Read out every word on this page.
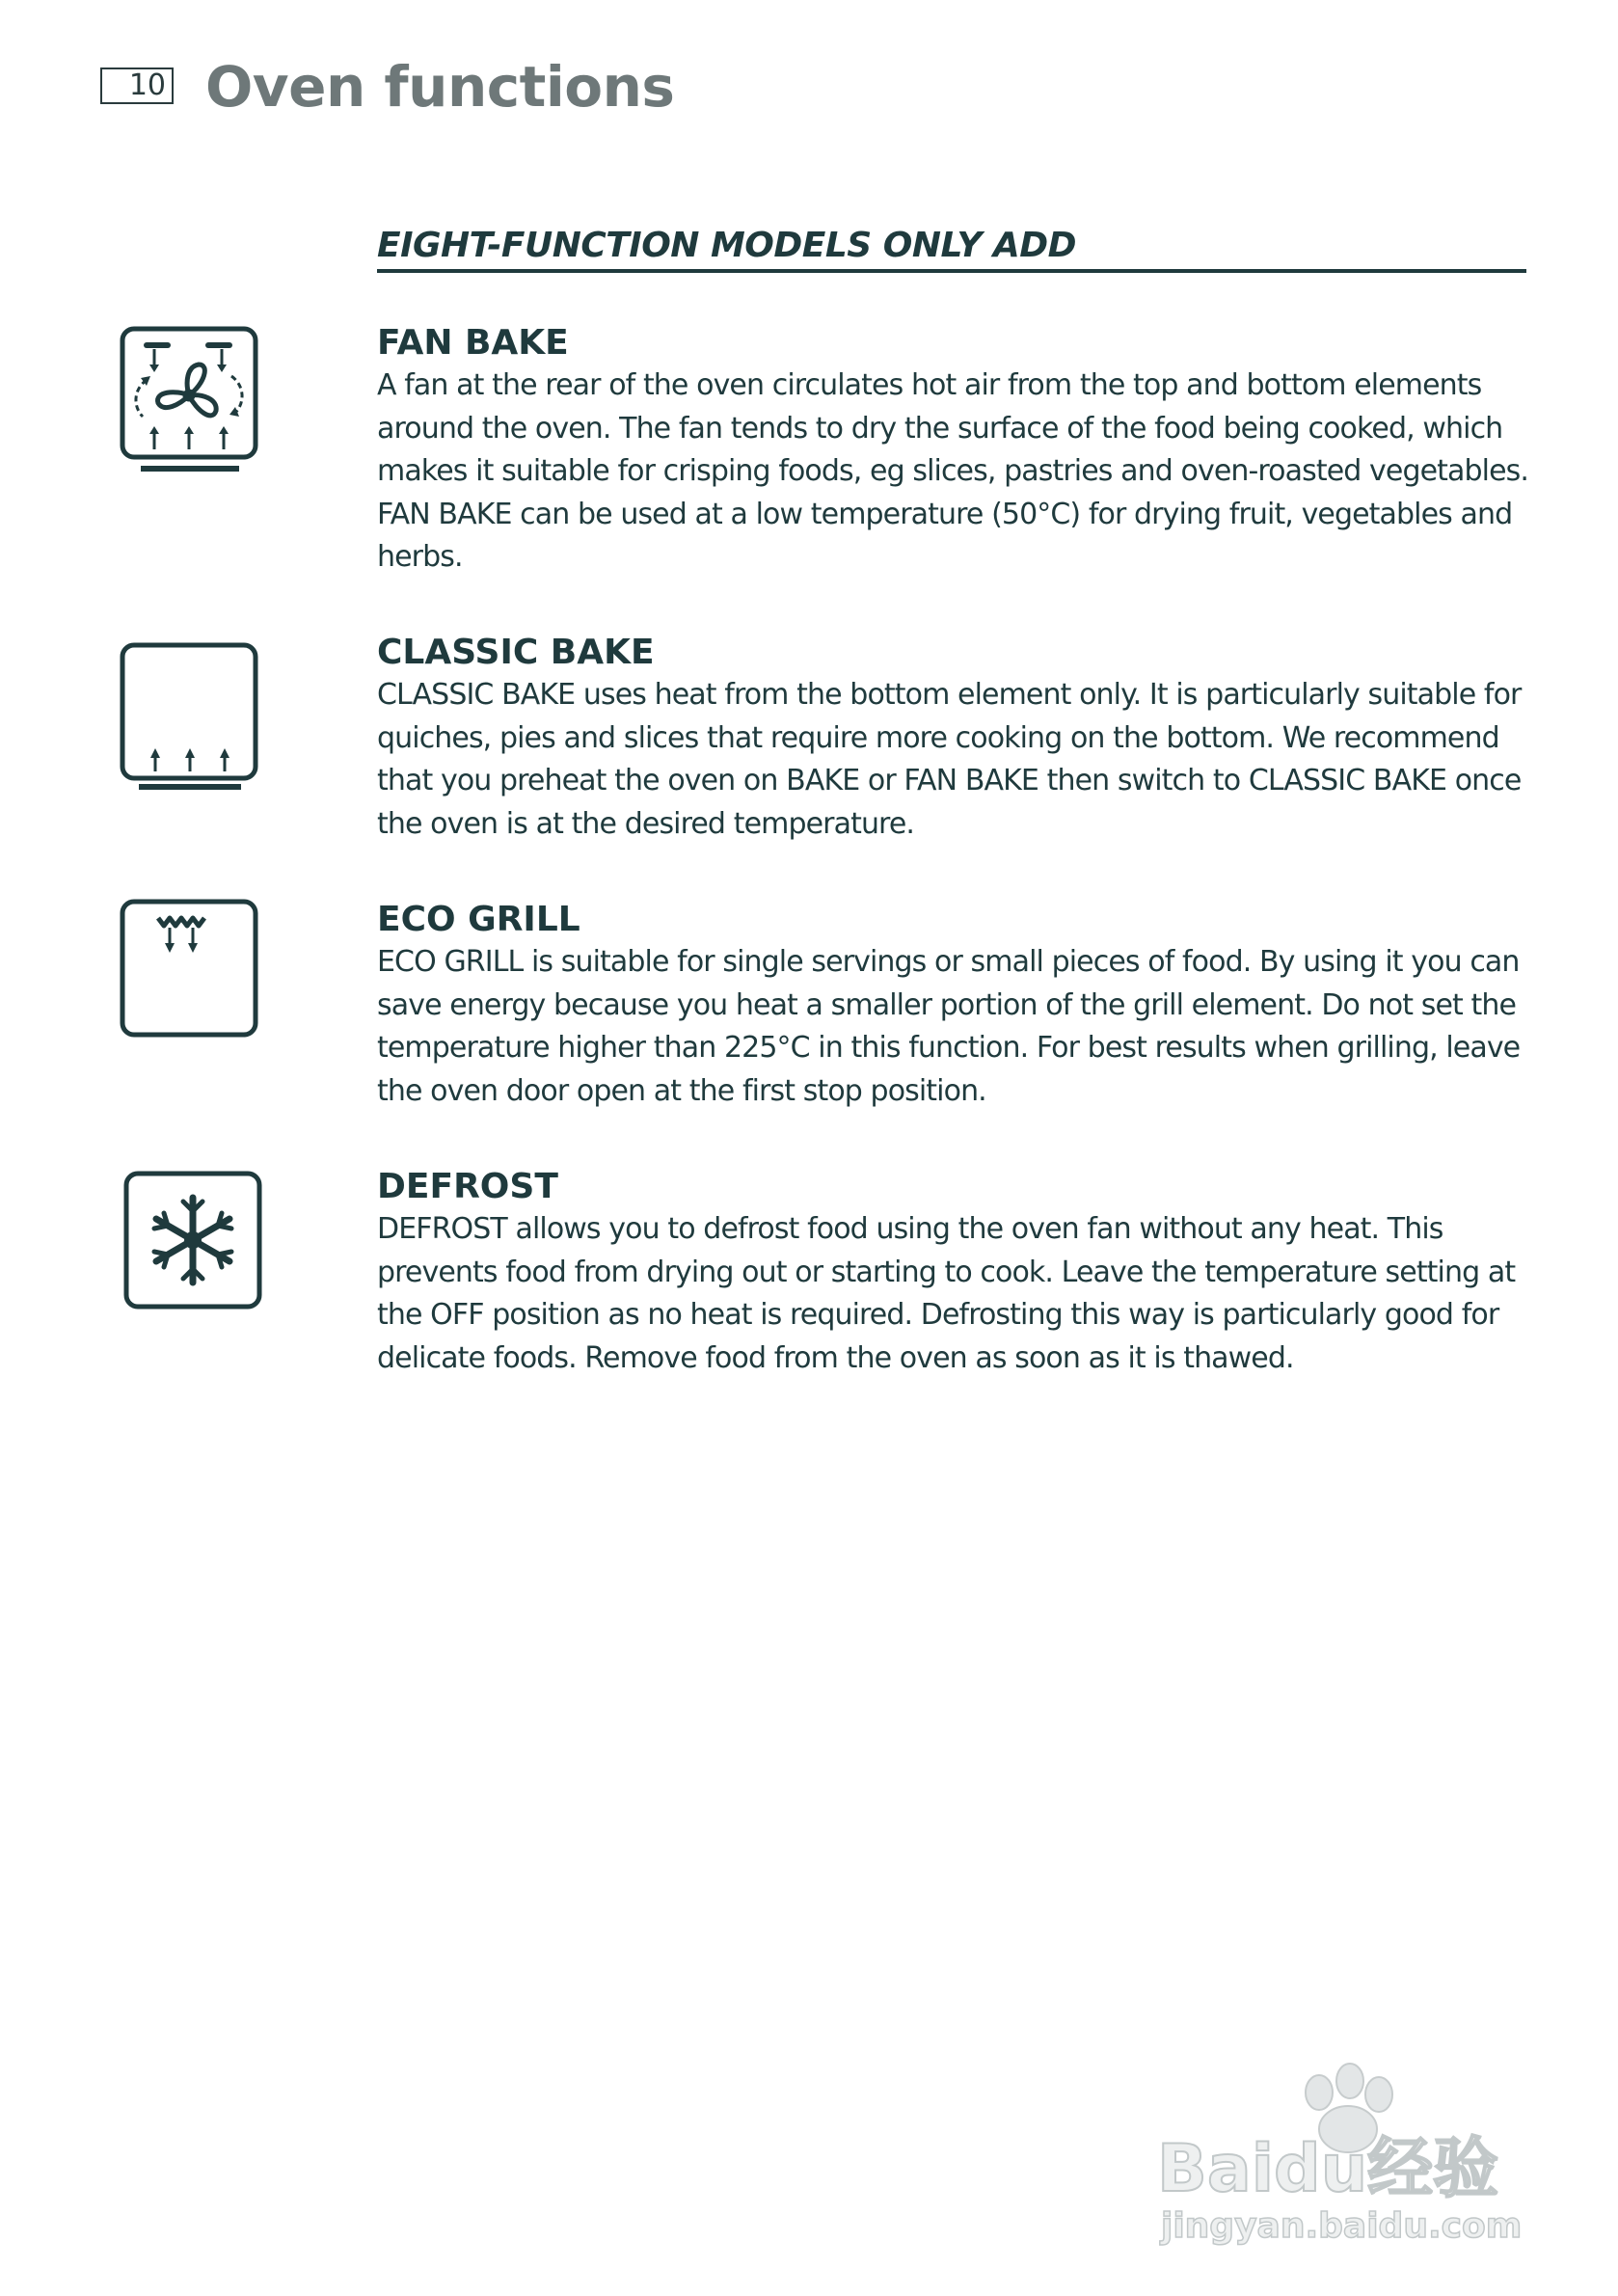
10 Oven functions
EIGHT-FUNCTION MODELS ONLY ADD
FAN BAKE

A fan at the rear of the oven circulates hot air from the top and bottom elements around the oven. The fan tends to dry the surface of the food being cooked, which makes it suitable for crisping foods, eg slices, pastries and oven-roasted vegetables. FAN BAKE can be used at a low temperature (50°C) for drying fruit, vegetables and herbs.

CLASSIC BAKE

CLASSIC BAKE uses heat from the bottom element only. It is particularly suitable for quiches, pies and slices that require more cooking on the bottom. We recommend that you preheat the oven on BAKE or FAN BAKE then switch to CLASSIC BAKE once the oven is at the desired temperature.

ECO GRILL

ECO GRILL is suitable for single servings or small pieces of food. By using it you can save energy because you heat a smaller portion of the grill element. Do not set the temperature higher than 225°C in this function. For best results when grilling, leave the oven door open at the first stop position.

DEFROST

DEFROST allows you to defrost food using the oven fan without any heat. This prevents food from drying out or starting to cook. Leave the temperature setting at the OFF position as no heat is required. Defrosting this way is particularly good for delicate foods. Remove food from the oven as soon as it is thawed.

Baidu经验
jingyan.baidu.com
